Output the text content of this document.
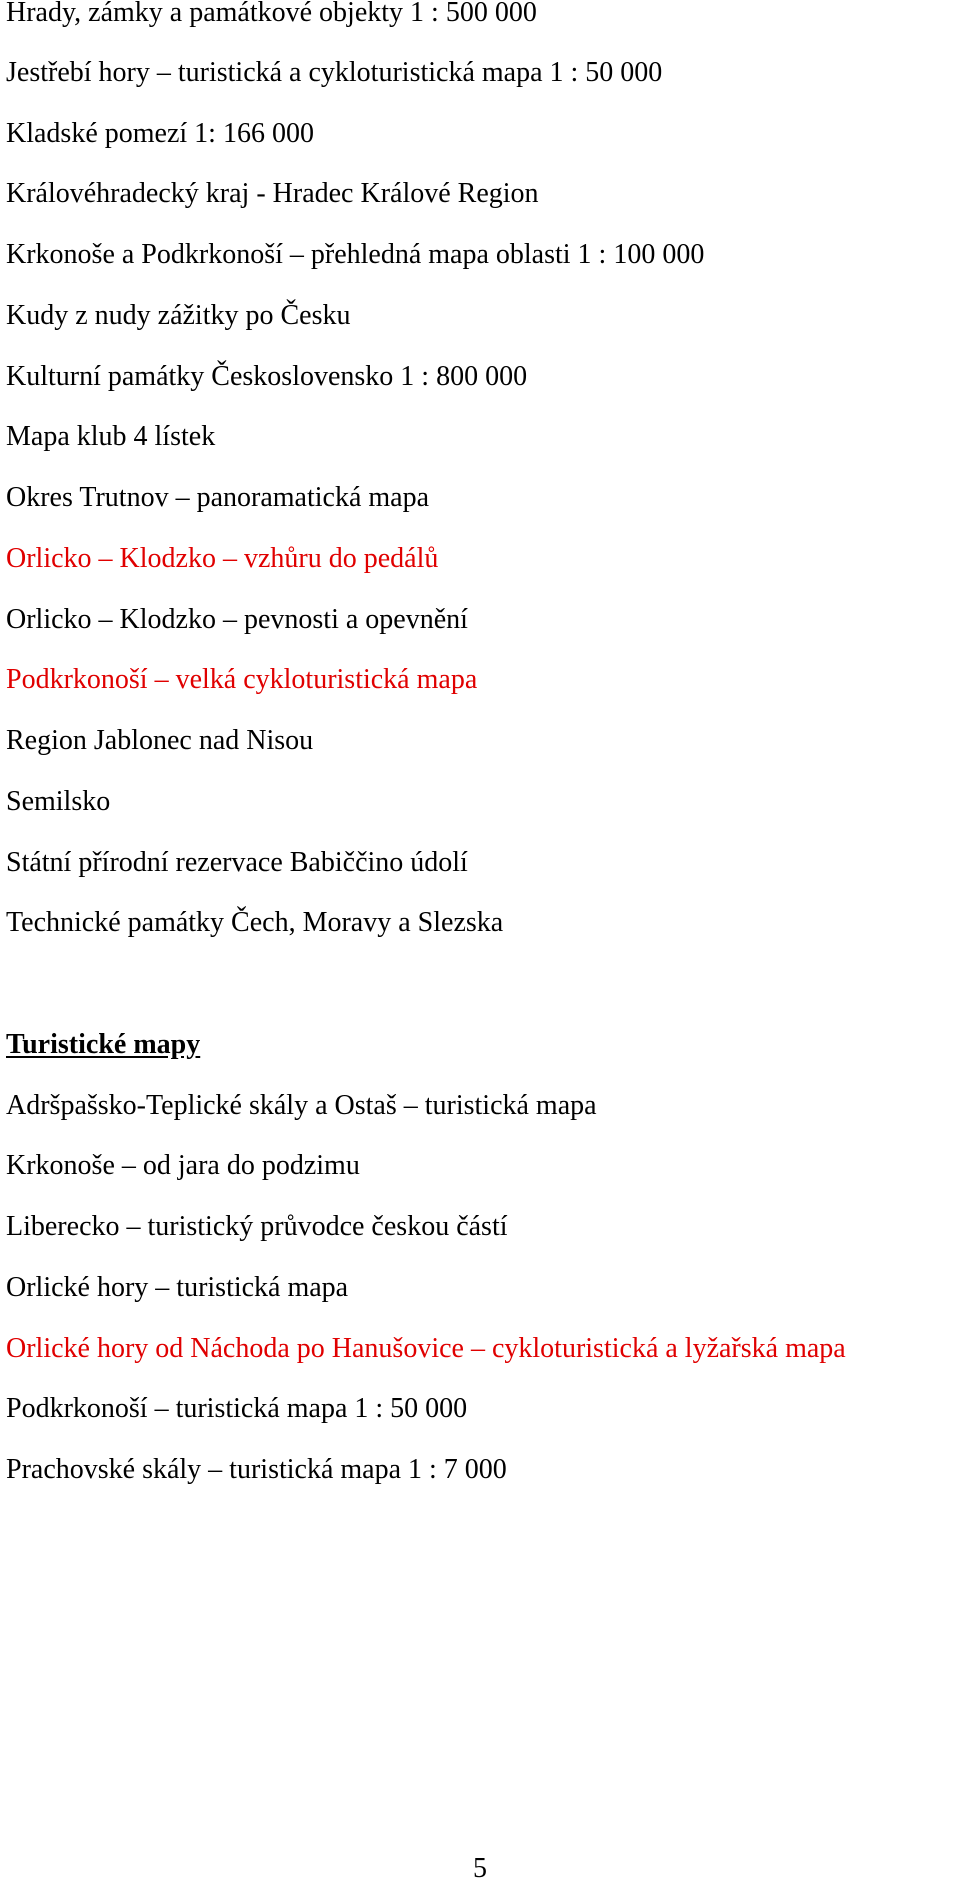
Hrady, zámky a památkové objekty 1 : 500 000

Jestřebí hory – turistická a cykloturistická mapa 1 : 50 000

Kladské pomezí 1: 166 000

Královéhradecký kraj - Hradec Králové Region

Krkonoše a Podkrkonoší – přehledná mapa oblasti 1 : 100 000

Kudy z nudy zážitky po Česku

Kulturní památky Československo 1 : 800 000

Mapa klub 4 lístek

Okres Trutnov – panoramatická mapa

Orlicko – Klodzko – vzhůru do pedálů

Orlicko – Klodzko – pevnosti a opevnění

Podkrkonoší – velká cykloturistická mapa

Region Jablonec nad Nisou

Semilsko

Státní přírodní rezervace Babiččino údolí

Technické památky Čech, Moravy a Slezska

Turistické mapy

Adršpašsko-Teplické skály a Ostaš – turistická mapa

Krkonoše – od jara do podzimu

Liberecko – turistický průvodce českou částí

Orlické hory – turistická mapa

Orlické hory od Náchoda po Hanušovice – cykloturistická a lyžařská mapa

Podkrkonoší – turistická mapa 1 : 50 000

Prachovské skály – turistická mapa 1 : 7 000

5
